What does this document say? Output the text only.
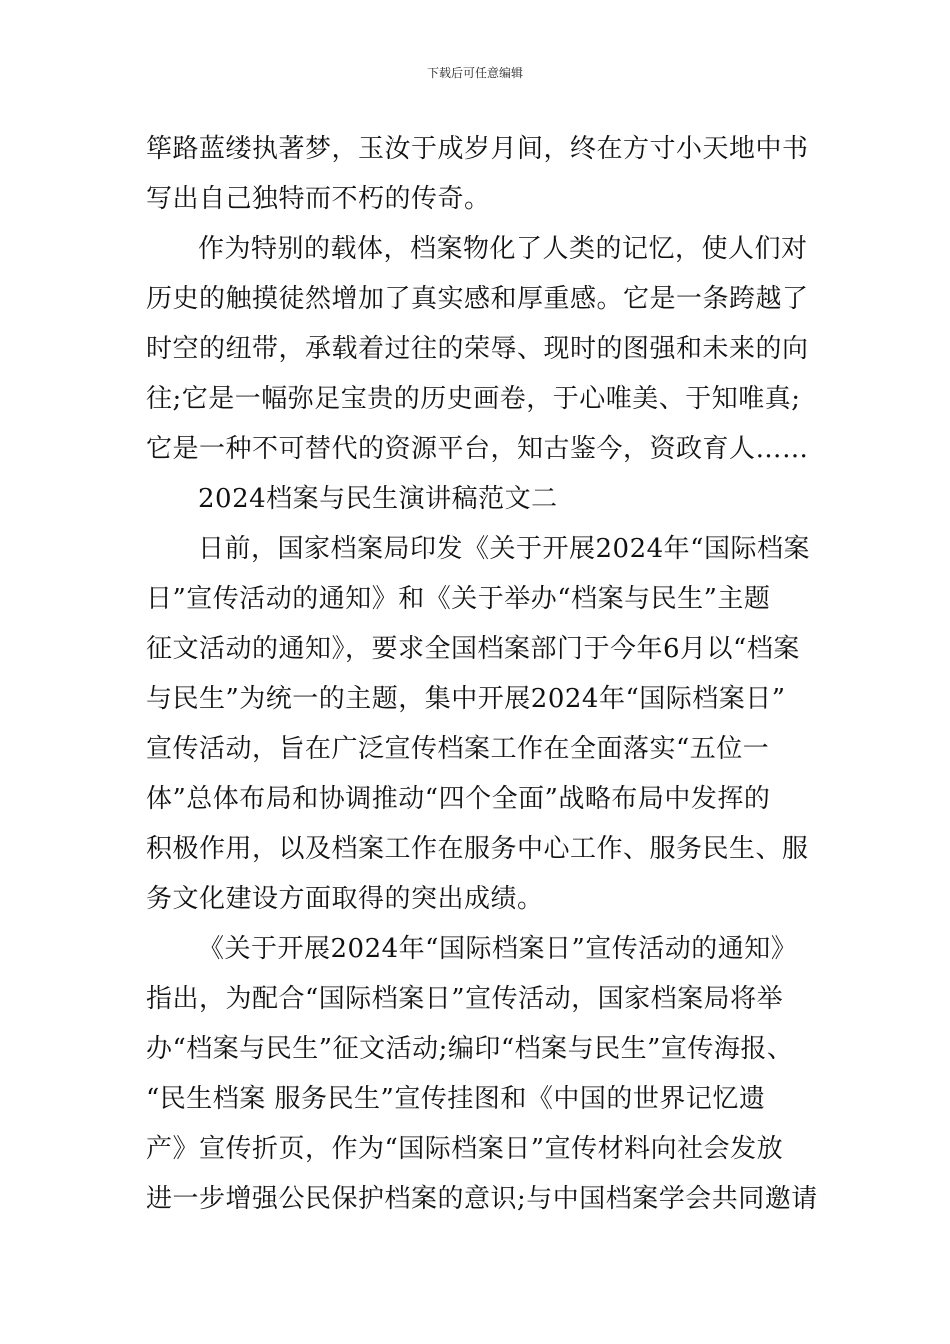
下载后可任意编辑
筚路蓝缕执著梦，玉汝于成岁月间，终在方寸小天地中书
写出自己独特而不朽的传奇。
作为特别的载体，档案物化了人类的记忆，使人们对
历史的触摸徒然增加了真实感和厚重感。它是一条跨越了
时空的纽带，承载着过往的荣辱、现时的图强和未来的向
往;它是一幅弥足宝贵的历史画卷，于心唯美、于知唯真;
它是一种不可替代的资源平台，知古鉴今，资政育人……
2024档案与民生演讲稿范文二
日前，国家档案局印发《关于开展2024年“国际档案
日”宣传活动的通知》和《关于举办“档案与民生”主题
征文活动的通知》，要求全国档案部门于今年6月以“档案
与民生”为统一的主题，集中开展2024年“国际档案日”
宣传活动，旨在广泛宣传档案工作在全面落实“五位一
体”总体布局和协调推动“四个全面”战略布局中发挥的
积极作用，以及档案工作在服务中心工作、服务民生、服
务文化建设方面取得的突出成绩。
《关于开展2024年“国际档案日”宣传活动的通知》
指出，为配合“国际档案日”宣传活动，国家档案局将举
办“档案与民生”征文活动;编印“档案与民生”宣传海报、
“民生档案 服务民生”宣传挂图和《中国的世界记忆遗
产》宣传折页，作为“国际档案日”宣传材料向社会发放
进一步增强公民保护档案的意识;与中国档案学会共同邀请
